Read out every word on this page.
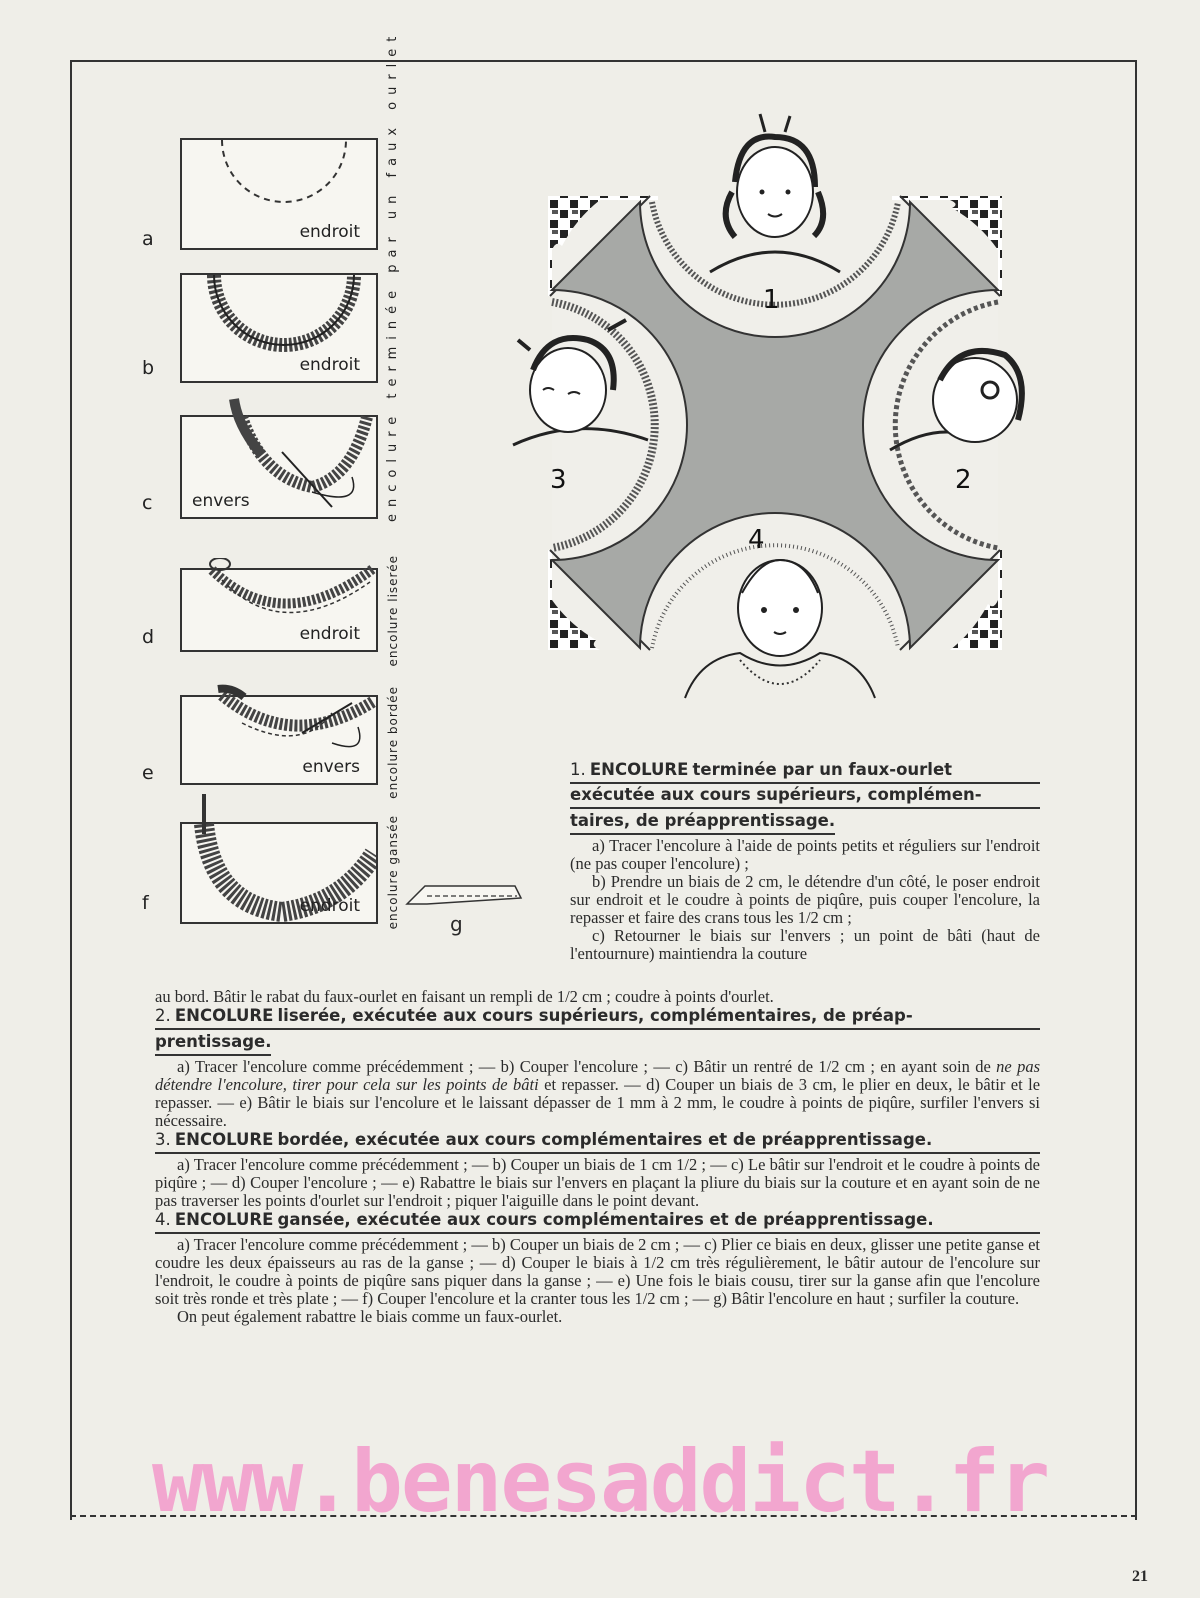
endroit
a
endroit
b
envers
c
endroit
d
envers
e
endroit
f
encolure terminée par un faux ourlet
encolure liserée
encolure bordée
encolure gansée	g
1
2
3
4
1. ENCOLURE terminée par un faux-ourlet
exécutée aux cours supérieurs, complémen-
taires, de préapprentissage.

a) Tracer l'encolure à l'aide de points petits et réguliers sur l'endroit (ne pas couper l'encolure) ;

b) Prendre un biais de 2 cm, le détendre d'un côté, le poser endroit sur endroit et le coudre à points de piqûre, puis couper l'encolure, la repasser et faire des crans tous les 1/2 cm ;

c) Retourner le biais sur l'envers ; un point de bâti (haut de l'entournure) maintiendra la couture

au bord. Bâtir le rabat du faux-ourlet en faisant un rempli de 1/2 cm ; coudre à points d'ourlet.

2. ENCOLURE liserée, exécutée aux cours supérieurs, complémentaires, de préap-
prentissage.

a) Tracer l'encolure comme précédemment ; — b) Couper l'encolure ; — c) Bâtir un rentré de 1/2 cm ; en ayant soin de ne pas détendre l'encolure, tirer pour cela sur les points de bâti et repasser. — d) Couper un biais de 3 cm, le plier en deux, le bâtir et le repasser. — e) Bâtir le biais sur l'encolure et le laissant dépasser de 1 mm à 2 mm, le coudre à points de piqûre, surfiler l'envers si nécessaire.

3. ENCOLURE bordée, exécutée aux cours complémentaires et de préapprentissage.

a) Tracer l'encolure comme précédemment ; — b) Couper un biais de 1 cm 1/2 ; — c) Le bâtir sur l'endroit et le coudre à points de piqûre ; — d) Couper l'encolure ; — e) Rabattre le biais sur l'envers en plaçant la pliure du biais sur la couture et en ayant soin de ne pas traverser les points d'ourlet sur l'endroit ; piquer l'aiguille dans le point devant.

4. ENCOLURE gansée, exécutée aux cours complémentaires et de préapprentissage.

a) Tracer l'encolure comme précédemment ; — b) Couper un biais de 2 cm ; — c) Plier ce biais en deux, glisser une petite ganse et coudre les deux épaisseurs au ras de la ganse ; — d) Couper le biais à 1/2 cm très régulièrement, le bâtir autour de l'encolure sur l'endroit, le coudre à points de piqûre sans piquer dans la ganse ; — e) Une fois le biais cousu, tirer sur la ganse afin que l'encolure soit très ronde et très plate ; — f) Couper l'encolure et la cranter tous les 1/2 cm ; — g) Bâtir l'encolure en haut ; surfiler la couture.

On peut également rabattre le biais comme un faux-ourlet.

www.benesaddict.fr
21
